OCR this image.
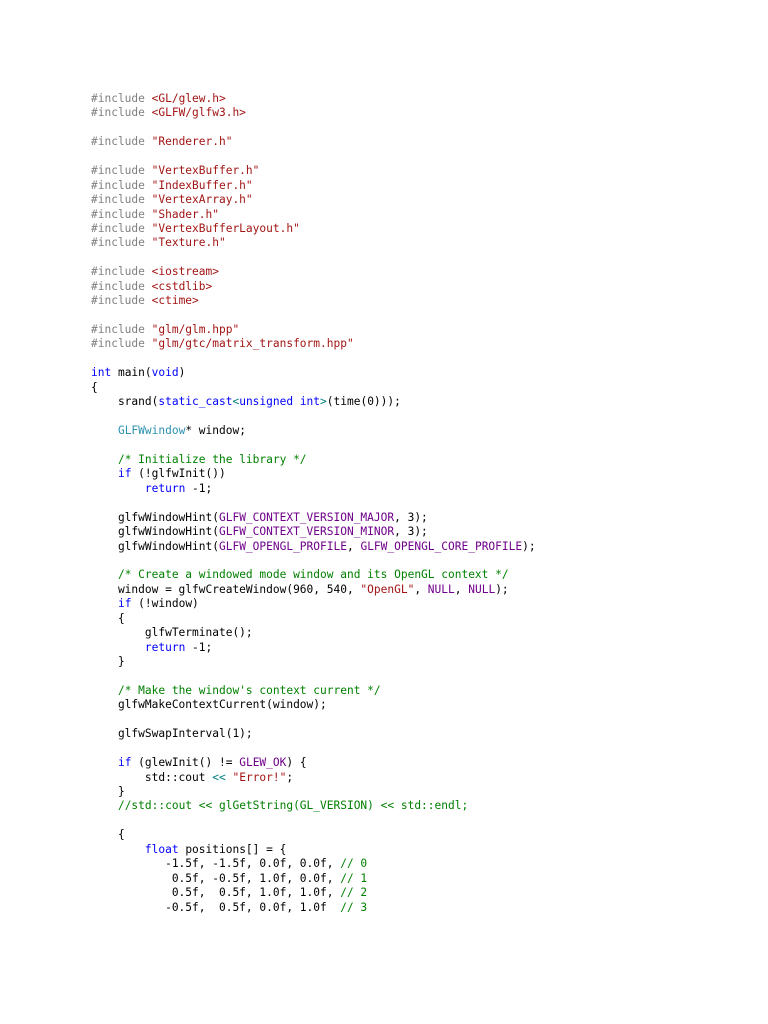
#include <GL/glew.h>
#include <GLFW/glfw3.h>

#include "Renderer.h"

#include "VertexBuffer.h"
#include "IndexBuffer.h"
#include "VertexArray.h"
#include "Shader.h"
#include "VertexBufferLayout.h"
#include "Texture.h"

#include <iostream>
#include <cstdlib>
#include <ctime>

#include "glm/glm.hpp"
#include "glm/gtc/matrix_transform.hpp"

int main(void)
{
srand(static_cast<unsigned int>(time(0)));

GLFWwindow* window;

/* Initialize the library */
if (!glfwInit())
return -1;

glfwWindowHint(GLFW_CONTEXT_VERSION_MAJOR, 3);
glfwWindowHint(GLFW_CONTEXT_VERSION_MINOR, 3);
glfwWindowHint(GLFW_OPENGL_PROFILE, GLFW_OPENGL_CORE_PROFILE);

/* Create a windowed mode window and its OpenGL context */
window = glfwCreateWindow(960, 540, "OpenGL", NULL, NULL);
if (!window)
{
glfwTerminate();
return -1;
}

/* Make the window's context current */
glfwMakeContextCurrent(window);

glfwSwapInterval(1);

if (glewInit() != GLEW_OK) {
std::cout << "Error!";
}
//std::cout << glGetString(GL_VERSION) << std::endl;

{
float positions[] = {
-1.5f, -1.5f, 0.0f, 0.0f, // 0
0.5f, -0.5f, 1.0f, 0.0f, // 1
0.5f,  0.5f, 1.0f, 1.0f, // 2
-0.5f,  0.5f, 0.0f, 1.0f  // 3
